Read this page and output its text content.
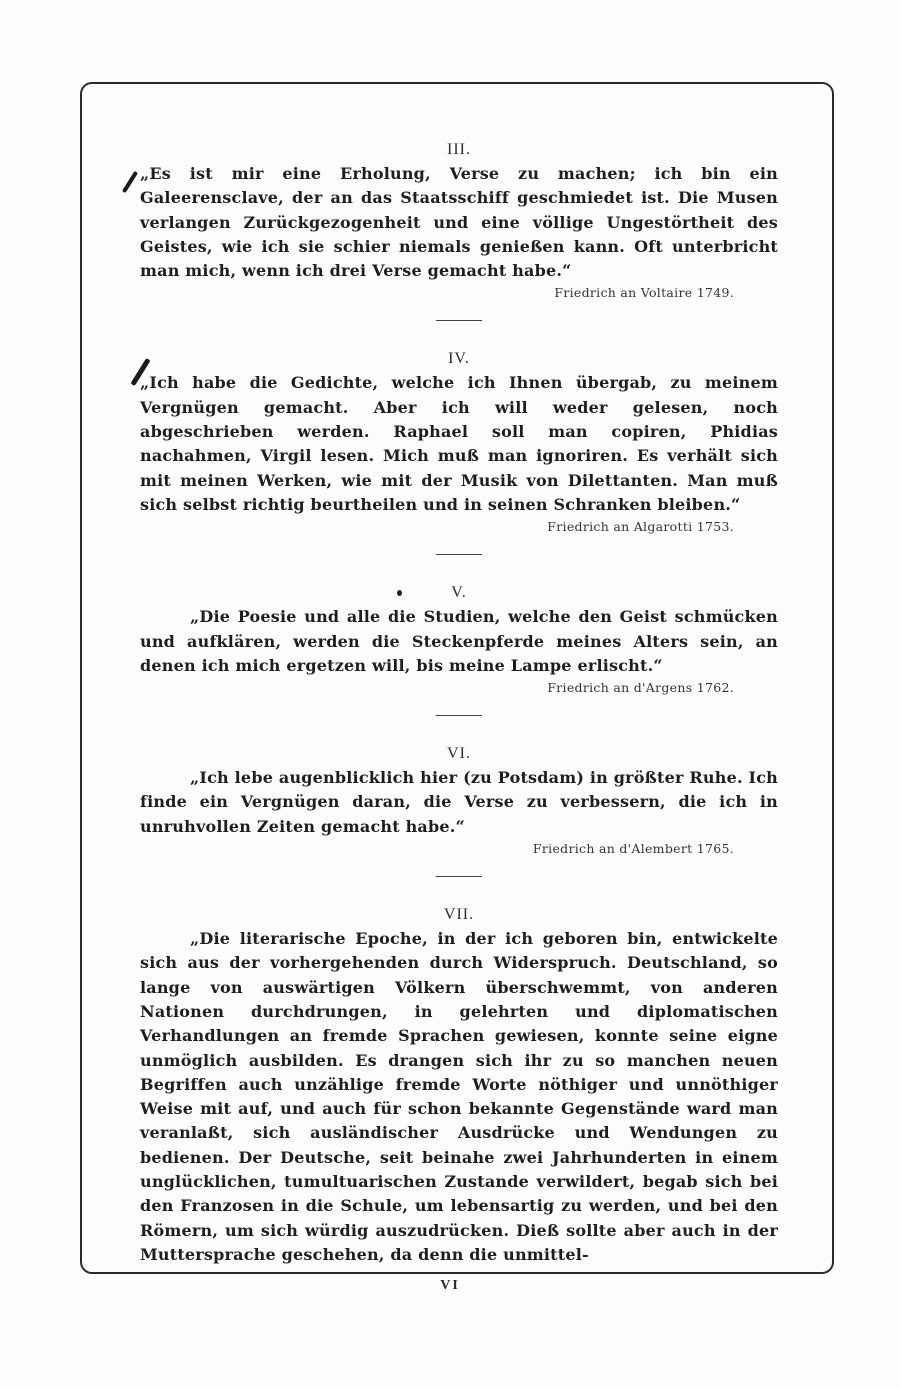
III.

„Es ist mir eine Erholung, Verse zu machen; ich bin ein Galeerensclave, der an das Staatsschiff geschmiedet ist. Die Musen verlangen Zurückgezogenheit und eine völlige Ungestörtheit des Geistes, wie ich sie schier niemals genießen kann. Oft unterbricht man mich, wenn ich drei Verse gemacht habe.“

Friedrich an Voltaire 1749.
IV.

„Ich habe die Gedichte, welche ich Ihnen übergab, zu meinem Vergnügen gemacht. Aber ich will weder gelesen, noch abgeschrieben werden. Raphael soll man copiren, Phidias nachahmen, Virgil lesen. Mich muß man ignoriren. Es verhält sich mit meinen Werken, wie mit der Musik von Dilettanten. Man muß sich selbst richtig beurtheilen und in seinen Schranken bleiben.“

Friedrich an Algarotti 1753.
V.

„Die Poesie und alle die Studien, welche den Geist schmücken und aufklären, werden die Steckenpferde meines Alters sein, an denen ich mich ergetzen will, bis meine Lampe erlischt.“

Friedrich an d'Argens 1762.
VI.

„Ich lebe augenblicklich hier (zu Potsdam) in größter Ruhe. Ich finde ein Vergnügen daran, die Verse zu verbessern, die ich in unruhvollen Zeiten gemacht habe.“

Friedrich an d'Alembert 1765.
VII.

„Die literarische Epoche, in der ich geboren bin, entwickelte sich aus der vorhergehenden durch Widerspruch. Deutschland, so lange von auswärtigen Völkern überschwemmt, von anderen Nationen durchdrungen, in gelehrten und diplomatischen Verhandlungen an fremde Sprachen gewiesen, konnte seine eigne unmöglich ausbilden. Es drangen sich ihr zu so manchen neuen Begriffen auch unzählige fremde Worte nöthiger und unnöthiger Weise mit auf, und auch für schon bekannte Gegenstände ward man veranlaßt, sich ausländischer Ausdrücke und Wendungen zu bedienen. Der Deutsche, seit beinahe zwei Jahrhunderten in einem unglücklichen, tumultuarischen Zustande verwildert, begab sich bei den Franzosen in die Schule, um lebensartig zu werden, und bei den Römern, um sich würdig auszudrücken. Dieß sollte aber auch in der Muttersprache geschehen, da denn die unmittel-

VI
